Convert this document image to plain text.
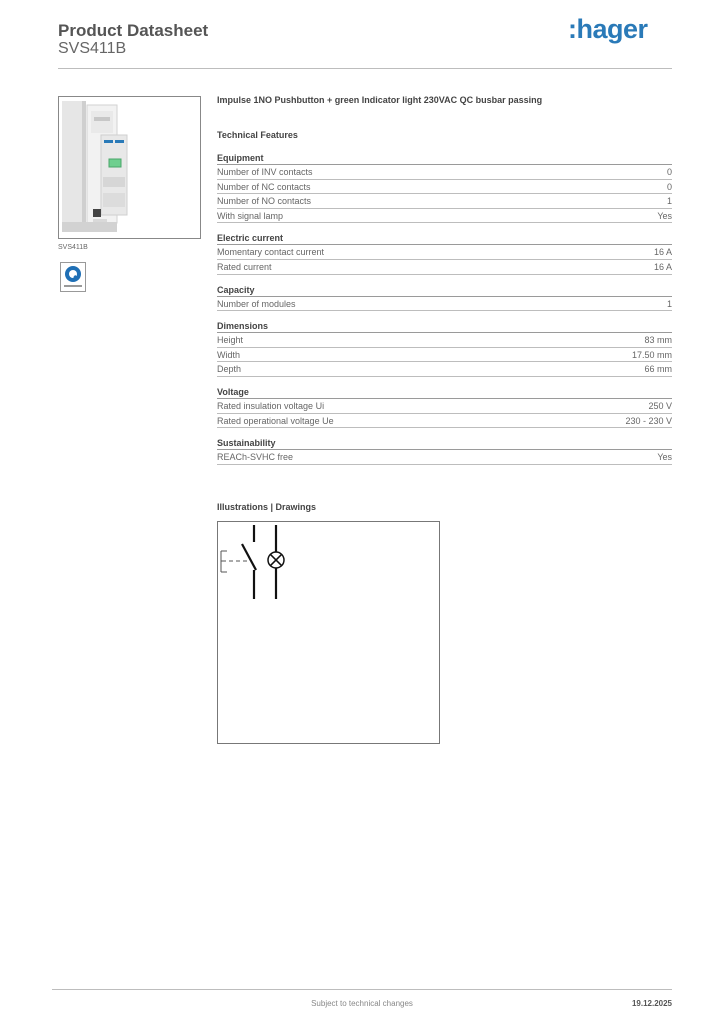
Product Datasheet
SVS411B
:hager
SVS411B
Impulse 1NO Pushbutton + green Indicator light 230VAC QC busbar passing
Technical Features
Equipment
Number of INV contacts	0
Number of NC contacts	0
Number of NO contacts	1
With signal lamp	Yes
Electric current
Momentary contact current	16 A
Rated current	16 A
Capacity
Number of modules	1
Dimensions
Height	83 mm
Width	17.50 mm
Depth	66 mm
Voltage
Rated insulation voltage Ui	250 V
Rated operational voltage Ue	230 - 230 V
Sustainability
REACh-SVHC free	Yes
Illustrations | Drawings
Subject to technical changes	19.12.2025
